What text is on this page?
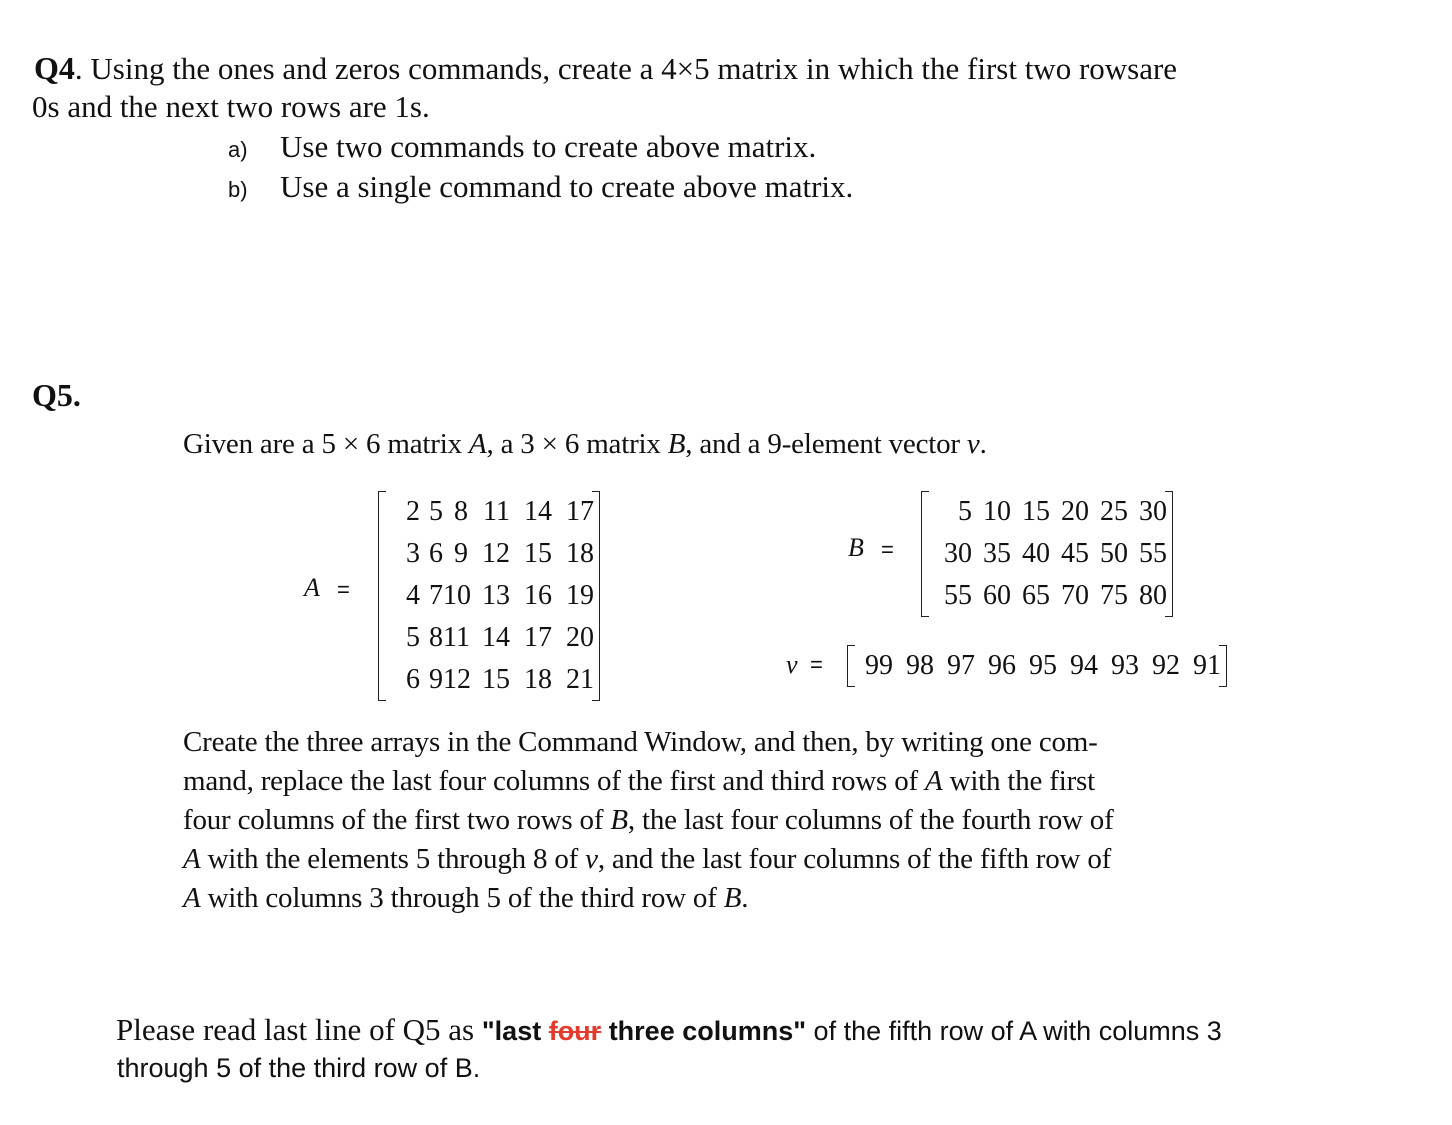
Q4. Using the ones and zeros commands, create a 4×5 matrix in which the first two rowsare
0s and the next two rows are 1s.
a) Use two commands to create above matrix.
b) Use a single command to create above matrix.
Q5.
Given are a 5 × 6 matrix A, a 3 × 6 matrix B, and a 9-element vector v.
A =
2 5 8 11 14 17
3 6 9 12 15 18
4 7 10 13 16 19
5 8 11 14 17 20
6 9 12 15 18 21
B =
5 10 15 20 25 30
30 35 40 45 50 55
55 60 65 70 75 80
v = 99 98 97 96 95 94 93 92 91
Create the three arrays in the Command Window, and then, by writing one com-
mand, replace the last four columns of the first and third rows of A with the first
four columns of the first two rows of B, the last four columns of the fourth row of
A with the elements 5 through 8 of v, and the last four columns of the fifth row of
A with columns 3 through 5 of the third row of B.
Please read last line of Q5 as "last four three columns" of the fifth row of A with columns 3
through 5 of the third row of B.
